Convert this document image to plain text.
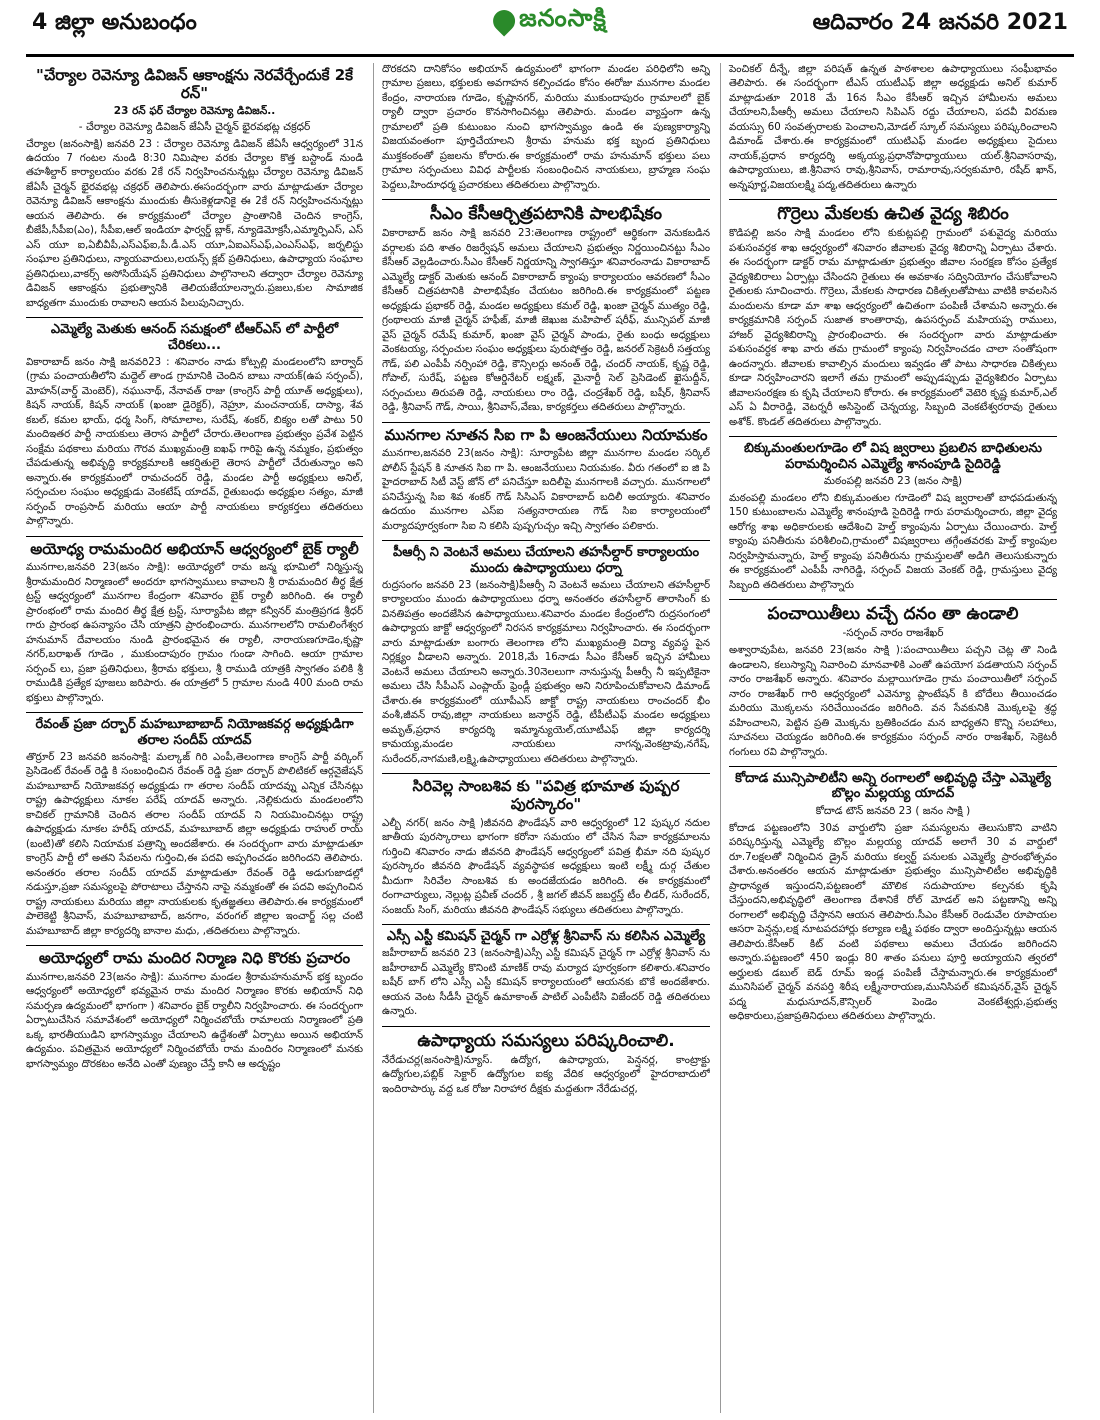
4 జిల్లా అనుబంధం	జనంసాక్షి	ఆదివారం 24 జనవరి 2021
"చేర్యాల రెవెన్యూ డివిజన్ ఆకాంక్షను నెరవేర్చేందుకే 2కే రన్"
23 రన్ ఫర్ చేర్యాల రెవెన్యూ డివిజన్..
- చేర్యాల రెవెన్యూ డివిజన్ జేఏసీ చైర్మన్ భైరవభట్ల చక్రధర్

చేర్యాల (జనంసాక్షి) జనవరి 23 : చేర్యాల రెవెన్యూ డివిజన్ జేఏసీ ఆధ్వర్యంలో 31న ఉదయం 7 గంటల నుండి 8:30 నిమిషాల వరకు చేర్యాల కొత్త బస్టాండ్ నుండి తహశీల్దార్ కార్యాలయం వరకు 2కే రన్ నిర్వహించనున్నట్లు చేర్యాల రెవెన్యూ డివిజన్ జేఏసీ చైర్మన్ భైరవభట్ల చక్రధర్ తెలిపారు.ఈసందర్భంగా వారు మాట్లాడుతూ చేర్యాల రెవెన్యూ డివిజన్ ఆకాంక్షను ముందుకు తీసుకెళ్లడానికై ఈ 2కే రన్ నిర్వహించనున్నట్లు ఆయన తెలిపారు. ఈ కార్యక్రమంలో చేర్యాల ప్రాంతానికి చెందిన కాంగ్రెస్, బీజేపీ,సీపీఐ(ఎం), సీపీఐ,ఆల్ ఇండియా ఫార్వర్డ్ బ్లాక్, న్యూడెమోక్రసీ,ఎమ్మార్పిఎస్, ఎస్ ఎస్ యూ ఐ,ఏబీవీపీ,ఎస్ఎఫ్ఐ,పీ.డీ.ఎస్ యూ,ఏఐఎస్ఎఫ్,ఎంఎస్ఎఫ్, జర్నలిస్టు సంఘాల ప్రతినిధులు, న్యాయవాదులు,లయన్స్ క్లబ్ ప్రతినిధులు, ఉపాధ్యాయ సంఘాల ప్రతినిధులు,వాకర్స్ అసోసియేషన్ ప్రతినిధులు పాల్గొనాలని తద్వారా చేర్యాల రెవెన్యూ డివిజన్ ఆకాంక్షను ప్రభుత్వానికి తెలియజేయాలన్నారు.ప్రజలు,కుల సామాజిక బాధ్యతగా ముందుకు రావాలని ఆయన పిలుపునిచ్చారు.

ఎమ్మెల్యే మెతుకు ఆనంద్ సమక్షంలో టీఆర్ఎస్ లో పార్టీలో చేరికలు...

వికారాబాద్ జనం సాక్షి జనవరి23 : శనివారం నాడు కోట్పల్లి మండలంలోని బార్వాద్ (గ్రామ పంచాయతీలోని మద్దెల్ తాండ గ్రామానికి చెందిన బాబు నాయక్(ఉప సర్పంచ్), మోహన్(వార్డ్ మెంబెర్), నఘునాథ్, నేనావత్ రాజు (కాంగ్రెస్ పార్టీ యూత్ అధ్యక్షులు), కిషన్ నాయక్, కిషన్ నాయక్ (ఖంజా డైరెక్టర్), నెహ్రూ, మంచనాయక్, దాస్యా, శేవ కబల్, కమల భాయ్, ధర్మ సింగ్, సోమాలాల, సురేష్, శంకర్, బిక్యం లతో పాటు 50 మందిఇతర పార్టీ నాయకులు తెరాస పార్టీలో చేరారు.తెలంగాణ ప్రభుత్వం ప్రవేశ పెట్టిన సంక్షేమ పథకాలు మరియు గౌరవ ముఖ్యమంత్రి ఐఖఫ్ గారిపై ఉన్న నమ్మకం, ప్రభుత్వం చేపడుతున్న అభివృద్ధి కార్యక్రమాలకి ఆకర్షితులై తెరాస పార్టీలో చేరుతున్నాం అని అన్నారు.ఈ కార్యక్రమంలో రామచందర్ రెడ్డి, మండల పార్టీ అధ్యక్షులు అనిల్, సర్పంచుల సంఘం అధ్యక్షుడు వెంకటేష్ యాదవ్, రైతుబంధు అధ్యక్షుల సత్యం, మాజీ సర్పంచ్ రాంప్రసాద్ మరియు ఆయా పార్టీ నాయకులు కార్యకర్తలు తదితరులు పాల్గొన్నారు.

అయోధ్య రామమందిర అభియాన్ ఆధ్వర్యంలో బైక్ ర్యాలీ

మునగాల,జనవరి 23(జనం సాక్షి): అయోధ్యలో రామ జన్మ భూమిలో నిర్మిస్తున్న శ్రీరామమందిర నిర్మాణంలో అందరూ భాగస్వాములు కావాలని శ్రీ రామమందిర తీర్థ క్షేత్ర ట్రస్ట్ ఆధ్వర్యంలో మునగాల కేంద్రంగా శనివారం బైక్ ర్యాలీ జరిగింది. ఈ ర్యాలీ ప్రారంభంలో రామ మందిర తీర్థ క్షేత్ర ట్రస్ట్, సూర్యాపేట జిల్లా కన్వీనర్ మంత్రిప్రగడ శ్రీధర్ గారు ప్రారంభ ఉపన్యాసం చేసి యాత్రని ప్రారంభించారు. మునగాలలోని రామలింగేశ్వర హనుమాన్ దేవాలయం నుండి ప్రారంభమైన ఈ ర్యాలీ, నారాయణగూడెం,కృష్ణా నగర్,బరాఖత్ గూడెం , ముకుందాపురం గ్రామం గుండా సాగింది. ఆయా గ్రామాల సర్పంచ్ లు, ప్రజా ప్రతినిధులు, శ్రీరామ భక్తులు, శ్రీ రాముడి యాత్రకి స్వాగతం పలికి శ్రీ రాముడికి ప్రత్యేక పూజలు జరిపారు. ఈ యాత్రలో 5 గ్రామాల నుండి 400 మంది రామ భక్తులు పాల్గొన్నారు.

రేవంత్ ప్రజా దర్బార్ మహబూబాబాద్ నియోజకవర్గ అధ్యక్షుడిగా తరాల సందీప్ యాదవ్

తొర్రూర్ 23 జనవరి జనంసాక్షి: మల్కాజ్ గిరి ఎంపీ,తెలంగాణ కాంగ్రెస్ పార్టీ వర్కింగ్ ప్రెసిడెంట్ రేవంత్ రెడ్డి కి సంబంధించిన రేవంత్ రెడ్డి ప్రజా దర్బార్ పొలిటికల్ ఆర్గనైజేషన్ మహబూబాద్ నియోజకవర్గ అధ్యక్షుడు గా తరాల సందీప్ యాదవ్ను ఎన్నిక చేసినట్లు రాష్ట్ర ఉపాధ్యక్షులు నూకల పరేష్ యాదవ్ అన్నారు. ,నెల్లికుదురు మండలంలోని కాచికల్ గ్రామానికి చెందిన తరాల సందీప్ యాదవ్ ని నియమించినట్లు రాష్ట్ర ఉపాధ్యక్షుడు నూకల హరీష్ యాదవ్, మహబూబాద్ జిల్లా అధ్యక్షుడు రాహుల్ రాయ్ (బంటి)తో కలిసి నియామక పత్రాన్ని అందజేశారు. ఈ సందర్భంగా వారు మాట్లాడుతూ కాంగ్రెస్ పార్టీ లో అతని సేవలను గుర్తించి,ఈ పదవి అప్పగించడం జరిగిందని తెలిపారు. అనంతరం తరాల సందీప్ యాదవ్ మాట్లాడుతూ రేవంత్ రెడ్డి అడుగుజాడల్లో నడుస్తూ,ప్రజా సమస్యలపై పోరాటాలు చేస్తానని నాపై నమ్మకంతో ఈ పదవి అప్పగించిన రాష్ట్ర నాయకులు మరియు జిల్లా నాయకులకు కృతజ్ఞతలు తెలిపారు.ఈ కార్యక్రమంలో పాలెకెట్టి శ్రీనివాస్, మహబూబాబాద్, జనగాం, వరంగల్ జిల్లాల ఇంచార్జ్ సల్ల చంటి మహబూబాద్ జిల్లా కార్యదర్శి బానాల మధు, ,తదితరులు పాల్గొన్నారు.

అయోధ్యలో రామ మందిర నిర్మాణ నిధి కొరకు ప్రచారం

మునగాల,జనవరి 23(జనం సాక్షి): మునగాల మండల శ్రీరామహనుమాన్ భక్త బృందం ఆధ్వర్యంలో అయోధ్యలో భవ్యమైన రామ మందిర నిర్మాణం కొరకు అభియాన్ నిధి సమర్పణ ఉద్యమంలో భాగంగా ) శనివారం బైక్ ర్యాలీని నిర్వహించారు. ఈ సందర్భంగా ఏర్పాటుచేసిన సమావేశంలో అయోధ్యలో నిర్మించబోయే రామాలయ నిర్మాణంలో ప్రతి ఒక్క భారతీయుడిని భాగస్వామ్యం చేయాలని ఉద్దేశంతో ఏర్పాటు అయిన అభియాన్ ఉద్యమం. పవిత్రమైన అయోధ్యలో నిర్మించబోయే రామ మందిరం నిర్మాణంలో మనకు భాగస్వామ్యం దొరకటం అనేది ఎంతో పుణ్యం చేస్తే కానీ ఆ అదృష్టం

దొరకదని దానికోసం అభియాన్ ఉద్యమంలో భాగంగా మండల పరిధిలోని అన్ని గ్రామాల ప్రజలు, భక్తులకు అవగాహన కల్పించడం కోసం ఈరోజు మునగాల మండల కేంద్రం, నారాయణ గూడెం, కృష్ణానగర్, మరియు ముకుందాపురం గ్రామాలలో బైక్ ర్యాలీ ద్వారా ప్రచారం కొనసాగించినట్లు తెలిపారు. మండల వ్యాప్తంగా ఉన్న గ్రామాలలో ప్రతి కుటుంబం నుంచి భాగస్వామ్యం ఉండి ఈ పుణ్యకార్యాన్ని విజయవంతంగా పూర్తిచేయాలని శ్రీరామ హనుమ భక్త బృంద ప్రతినిధులు ముక్తకంఠంతో ప్రజలను కోరారు.ఈ కార్యక్రమంలో రామ హనుమాన్ భక్తులు పలు గ్రామాల సర్పంచులు వివిధ పార్టీలకు సంబంధించిన నాయకులు, బ్రాహ్మణ సంఘ పెద్దలు,హిందూధర్మ ప్రచారకులు తదితరులు పాల్గొన్నారు.

సీఎం కేసీఆర్చిత్రపటానికి పాలభిషేకం

వికారాబాద్ జనం సాక్షి జనవరి 23:తెలంగాణ రాష్ట్రంలో ఆర్థికంగా వెనుకబడిన వర్గాలకు పది శాతం రిజర్వేషన్ అమలు చేయాలని ప్రభుత్వం నిర్ణయించినట్టు సీఎం కేసీఆర్ వెల్లడించారు.సీఎం కేసీఆర్ నిర్ణయాన్ని స్వాగతిస్తూ శనివారంనాడు వికారాబాద్ ఎమ్మెల్యే డాక్టర్ మెతుకు ఆనంద్ వికారాబాద్ క్యాంపు కార్యాలయం ఆవరణలో సీఎం కేసీఆర్ చిత్రపటానికి పాలాభిషేకం చేయటం జరిగింది.ఈ కార్యక్రమంలో పట్టణ అధ్యక్షుడు ప్రభాకర్ రెడ్డి, మండల అధ్యక్షులు కమల్ రెడ్డి, ఖంజా చైర్మన్ ముత్యం రెడ్డి, గ్రంథాలయ మాజీ చైర్మన్ హఫీజ్, మాజీ జెఖుజ మహిపాల్ షరీఫ్, మున్సిపల్ మాజీ వైస్ చైర్మన్ రమేష్ కుమార్, ఖంజా వైస్ చైర్మన్ పాండు, రైతు బంధు అధ్యక్షులు వెంకటయ్య, సర్పంచుల సంఘం అధ్యక్షులు పురుషోత్తం రెడ్డి, జనరల్ సెక్రెటరీ సత్తయ్య గౌడ్, పలి ఎంపీపీ నర్సింహా రెడ్డి, కౌన్సిలర్లు అనంత్ రెడ్డి, చందర్ నాయక్, కృష్ణ రెడ్డి, గోపాల్, సురేష్, పట్టణ కోఆర్డినేటర్ లక్ష్మణ్, మైనార్టీ సెల్ ప్రెసిడెంట్ ఖైసుద్దీన్, సర్పంచులు తిరుపతి రెడ్డి, నాయకులు రాం రెడ్డి, చంద్రశేఖర్ రెడ్డి, బషీర్, శ్రీనివాస్ రెడ్డి, శ్రీనివాస్ గౌడ్, సాయి, శ్రీనివాస్,వేణు, కార్యకర్తలు తదితరులు పాల్గొన్నారు.

మునగాల నూతన సిఐ గా పి ఆంజనేయులు నియామకం

మునగాల,జనవరి 23(జనం సాక్షి): సూర్యాపేట జిల్లా మునగాల మండల సర్కిల్ పోలీస్ స్టేషన్ కి నూతన సిఐ గా పి. ఆంజనేయులు నియమకం. వీరు గతంలో ఐ జి పి హైదరాబాద్ సిటీ వెస్ట్ జోన్ లో పనిచేస్తూ బదిలీపై మునగాలకి వచ్చారు. మునగాలలో పనిచేస్తున్న సిఐ శివ శంకర్ గౌడ్ సిసిఎస్ వికారాబాద్ బదిలీ అయ్యారు. శనివారం ఉదయం మునగాల ఎస్ఐ సత్యనారాయణ గౌడ్ సిఐ కార్యాలయంలో మర్యాదపూర్వకంగా సిఐ ని కలిసి పుష్పగుచ్చం ఇచ్చి స్వాగతం పలికారు.

పీఆర్సీ ని వెంటనే అమలు చేయాలని తహసీల్దార్ కార్యాలయం ముందు ఉపాధ్యాయులు ధర్నా

రుద్రసంగం జనవరి 23 (జనంసాక్షి)పీఆర్సీ ని వెంటనే అమలు చేయాలని తహసీల్దార్ కార్యాలయం ముందు ఉపాధ్యాయులు ధర్నా అనంతరం తహసీల్దార్ తారాసింగ్ కు వినతిపత్రం అందజేసిన ఉపాధ్యాయులు.శనివారం మండల కేంద్రంలోని రుద్రసంగంలో ఉపాధ్యాయ జాక్టో ఆధ్వర్యంలో నిరసన కార్యక్రమాలు నిర్వహించారు. ఈ సందర్భంగా వారు మాట్లాడుతూ బంగారు తెలంగాణ లోని ముఖ్యమంత్రి విద్యా వ్యవస్థ పైన నిర్లక్ష్యం వీడాలని అన్నారు. 2018,మే 16నాడు సీఎం కేసీఆర్ ఇచ్చిన హామీలు వెంటనే అమలు చేయాలని అన్నారు.30నెలలుగా నానుస్తున్న పీఆర్సీ నీ ఇప్పటికైనా అమలు చేసి సీపీఎస్ ఎంప్లాయ్ ఫ్రెండ్లీ ప్రభుత్వం అని నిరూపించుకోవాలని డిమాండ్ చేశారు.ఈ కార్యక్రమంలో యూపీఎస్ జాక్టో రాష్ట్ర నాయకులు రాంచందర్ భీం వంశీ,జీవన్ రావు,జిల్లా నాయకులు జనార్దన్ రెడ్డి, టీపీటీఎఫ్ మండల అధ్యక్షులు అమృత్,ప్రధాన కార్యదర్శి ఇమ్మాన్యుయెల్,యూటీఎఫ్ జిల్లా కార్యదర్శి కామయ్య,మండల నాయకులు నాగన్న,వెంకట్రావు,నగేష్, సురేందర్,నాగమణి,లక్ష్మి,ఉపాధ్యాయులు తదితరులు పాల్గొన్నారు.

సిరివెల్ల సాంబశివ కు "పవిత్ర భూమాత పుష్పర పురస్కారం"

ఎల్బీ నగర్( జనం సాక్షి )జీవనది ఫౌండేషన్ వారి ఆధ్వర్యంలో 12 పుష్కర నదుల జాతీయ పురస్కారాలు భాగంగా కరోనా సమయం లో చేసిన సేవా కార్యక్రమాలను గుర్తించి శనివారం నాడు జీవనది ఫౌండేషన్ ఆధ్వర్యంలో పవిత్ర భీమా నది పుష్కర పురస్కారం జీవనది ఫౌండేషన్ వ్యవస్థాపక అధ్యక్షులు ఇంటి లక్ష్మీ దుర్గ చేతుల మీదుగా సిరివేల సాంబశివ కు అందజేయడం జరిగింది. ఈ కార్యక్రమంలో రంగాచార్యులు, నెల్లుట్ల ప్రవీణ్ చందర్ , శ్రీ జగల్ జీవన్ జబర్దస్త్ టీం లీడర్, సురేందర్, సంజయ్ సింగ్, మరియు జీవనది ఫౌండేషన్ సభ్యులు తదితరులు పాల్గొన్నారు.

ఎస్సీ ఎస్టీ కమిషన్ చైర్మన్ గా ఎర్రోళ్ల శ్రీనివాస్ ను కలిసిన ఎమ్మెల్యే

జహీరాబాద్ జనవరి 23 (జనంసాక్షి)ఎస్సీ ఎస్టీ కమిషన్ చైర్మన్ గా ఎర్రోళ్ల శ్రీనివాస్ ను జహీరాబాద్ ఎమ్మెల్యే కొనింటి మాణిక్ రావు మర్యాద పూర్వకంగా కలిశారు.శనివారం బషీర్ బాగ్ లోని ఎస్సీ ఎస్టీ కమిషన్ కార్యాలయంలో ఆయనకు బొకే అందజేశారు. ఆయన వెంట సీడీసీ చైర్మన్ ఉమాకాంత్ పాటిల్ ఎంపీటీసి విజేందర్ రెడ్డి తదితరులు ఉన్నారు.

ఉపాధ్యాయ సమస్యలు పరిష్కరించాలి.

నేరేడుచర్ల(జనంసాక్షి)న్యూస్. ఉద్యోగ, ఉపాధ్యాయ, పెన్షనర్ల, కాంట్రాక్టు ఉద్యోగుల,పబ్లిక్ సెక్టార్ ఉద్యోగుల ఐక్య వేదిక ఆధ్వర్యంలో హైదరాబాదులో ఇందిరాపార్కు వద్ద ఒక రోజు నిరాహార దీక్షకు మద్దతుగా నేరేడుచర్ల,

పెంచికల్ దీన్నే, జిల్లా పరిషత్ ఉన్నత పాఠశాలల ఉపాధ్యాయులు సంఘీభావం తెలిపారు. ఈ సందర్భంగా టీఎస్ యుటీఎఫ్ జిల్లా అధ్యక్షుడు అనిల్ కుమార్ మాట్లాడుతూ 2018 మే 16న సీఎం కేసీఆర్ ఇచ్చిన హామీలను అమలు చేయాలని,పీఆర్సీ అమలు చేయాలని సిపిఎస్ రద్దు చేయాలని, పదవీ విరమణ వయస్సు 60 సంవత్సరాలకు పెంచాలని,మోడల్ స్కూల్ సమస్యలు పరిష్కరించాలని డిమాండ్ చేశారు.ఈ కార్యక్రమంలో యుటిఎఫ్ మండల అధ్యక్షులు సైదులు నాయక్,ప్రధాన కార్యదర్శి అక్కయ్య,ప్రధానోపాధ్యాయులు యల్.శ్రీనివాసరావు, ఉపాధ్యాయులు, జి.శ్రీనివాస రావు,శ్రీనివాస్, రామారావు,సర్వకుమారి, రషీద్ ఖాన్, అన్నపూర్ణ,విజయలక్ష్మి పద్మ,తదితరులు ఉన్నారు

గొర్రెలు మేకలకు ఉచిత వైద్య శిబిరం

కొడిపల్లి జనం సాక్షి మండలం లోని కుకుట్లపల్లి గ్రామంలో పశువైద్య మరియు పశుసంవర్ధక శాఖ ఆధ్వర్యంలో శనివారం జీవాలకు వైద్య శిబిరాన్ని ఏర్పాటు చేశారు. ఈ సందర్భంగా డాక్టర్ రామ మాట్లాడుతూ ప్రభుత్వం జీవాల సంరక్షణ కోసం ప్రత్యేక వైద్యశిబిరాలు ఏర్పాట్లు చేసిందని రైతులు ఈ అవకాశం సద్వినియోగం చేసుకోవాలని రైతులకు సూచించారు. గొర్రెలు, మేకలకు సాధారణ చికిత్సలతోపాటు వాటికి కావలసిన మందులను కూడా మా శాఖ ఆధ్వర్యంలో ఉచితంగా పంపిణీ చేశామని అన్నారు.ఈ కార్యక్రమానికి సర్పంచ్ సుజాత కాంతారావు, ఉపసర్పంచ్ మహియప్ప రాములు, హాజర్ వైద్యశిబిరాన్ని ప్రారంభించారు. ఈ సందర్భంగా వారు మాట్లాడుతూ పశుసంవర్ధక శాఖ వారు తమ గ్రామంలో క్యాంపు నిర్వహించడం చాలా సంతోషంగా ఉందన్నారు. జీవాలకు కావాల్సిన మందులు ఇవ్వడం తో పాటు సాధారణ చికిత్సలు కూడా నిర్వహించారని ఇలాగే తమ గ్రామంలో అప్పుడప్పుడు వైద్యశిబిరం ఏర్పాటు జీవాలసంరక్షణ కు కృషి చేయాలని కోరారు. ఈ కార్యక్రమంలో వెటెరి కృష్ణ కుమార్,ఎల్ ఎస్ ఏ వీరారెడ్డి, వెటర్నరీ అసిస్టెంట్ చెన్నయ్య, సిబ్బంది వెంకటేశ్వరరావు రైతులు అశోక్. కొండల్ తదితరులు పాల్గొన్నారు.

బిక్కుమంతులగూడెం లో విష జ్వరాలు ప్రబలిన బాధితులను పరామర్శించిన ఎమ్మెల్యే శానంపూడి సైదిరెడ్డి
మఠంపల్లి జనవరి 23 (జనం సాక్షి)

మఠంపల్లి మండలం లోని బిక్కుమంతుల గూడెంలో విష జ్వరాలతో బాధపడుతున్న 150 కుటుంబాలను ఎమ్మెల్యే శానంపూడి సైదిరెడ్డి గారు పరామర్శించారు, జిల్లా వైద్య ఆరోగ్య శాఖ అధికారులకు ఆదేశించి హెల్త్ క్యాంపును ఏర్పాటు చేయించారు. హెల్త్ క్యాంపు పనితీరును పరిశీలించి,గ్రామంలో విషజ్వరాలు తగ్గేంతవరకు హెల్త్ క్యాంపుల నిర్వహిస్తామన్నారు, హెల్త్ క్యాంపు పనితీరును గ్రామస్తులతో అడిగి తెలుసుకున్నారు ఈ కార్యక్రమంలో ఎంపీపీ నాగిరెడ్డి, సర్పంచ్ విజయ వెంకట్ రెడ్డి, గ్రామస్తులు వైద్య సిబ్బంది తదితరులు పాల్గొన్నారు

పంచాయితీలు వచ్చే దనం తా ఉండాలి
-సర్పంచ్ నారం రాజశేఖర్

అశ్వారావుపేట, జనవరి 23(జనం సాక్షి ):పంచాయితీలు పచ్చని చెట్ల తొ నిండి ఉండాలని, కలుస్యాన్ని నివారించి మానవాళికి ఎంతో ఉపయోగ పడతాయని సర్పంచ్ నారం రాజశేఖర్ అన్నారు. శనివారం మల్లాయిగూడెం గ్రామ పంచాయితీలో సర్పంచ్ నారం రాజశేఖర్ గారి ఆధ్వర్యంలో ఎవెన్యూ ప్లాంటేషన్ కి బోదేలు తీయించడం మరియు మొక్కలను సరిచేయించడం జరిగింది. వన సేవకునికి మొక్కలపై శ్రద్ధ వహించాలని, పెట్టిన ప్రతి మొక్కను బ్రతికించడం మన బాధ్యతని కొన్ని సలహాలు, సూచనలు చెయ్యడం జరిగింది.ఈ కార్యక్రమం సర్పంచ్ నారం రాజశేఖర్, సెక్రెటరీ గంగులు రవి పాల్గొన్నారు.

కోదాడ మున్సిపాలిటీని అన్ని రంగాలలో అభివృద్ధి చేస్తా ఎమ్మెల్యే బొల్లం మల్లయ్య యాదవ్
కోదాడ టౌన్ జనవరి 23 ( జనం సాక్షి )

కోదాడ పట్టణంలోని 30వ వార్డులోని ప్రజా సమస్యలను తెలుసుకొని వాటిని పరిష్కరిస్తున్న ఎమ్మెల్యే బొల్లం మల్లయ్య యాదవ్ అలాగే 30 వ వార్డులో రూ.7లక్షలతో నిర్మించిన డ్రైన్ మరియు కల్వర్ట్ పనులకు ఎమ్మెల్యే ప్రారంభోత్సవం చేశారు.అనంతరం ఆయన మాట్లాడుతూ ప్రభుత్వం మున్సిపాలిటీల అభివృద్ధికి ప్రాధాన్యత ఇస్తుందని,పట్టణంలో మౌలిక సదుపాయాల కల్పనకు కృషి చేస్తుందని,అభివృద్ధిలో తెలంగాణ దేశానికే రోల్ మోడల్ అని పట్టణాన్ని అన్ని రంగాలలో అభివృద్ధి చేస్తానని ఆయన తెలిపారు.సీఎం కేసీఆర్ రెండువేల రూపాయల ఆసరా పెన్షన్లు,లక్ష నూటపదహార్లు కల్యాణ లక్ష్మి పథకం ద్వారా అందిస్తున్నట్లు ఆయన తెలిపారు.కేసీఆర్ కిట్ వంటి పథకాలు అమలు చేయడం జరిగిందని అన్నారు.పట్టణంలో 450 ఇండ్లు 80 శాతం పనులు పూర్తి అయ్యాయని త్వరలో అర్హులకు డబుల్ బెడ్ రూమ్ ఇండ్ల పంపిణీ చేస్తామన్నారు.ఈ కార్యక్రమంలో మునిసిపల్ చైర్మన్ వనపర్తి శిరీష లక్ష్మీనారాయణ,మునిసిపల్ కమిషనర్,వైస్ చైర్మన్ పద్మ మధుసూదన్,కౌన్సిలర్ పెండెం వెంకటేశ్వర్లు,ప్రభుత్వ అధికారులు,ప్రజాప్రతినిధులు తదితరులు పాల్గొన్నారు.
